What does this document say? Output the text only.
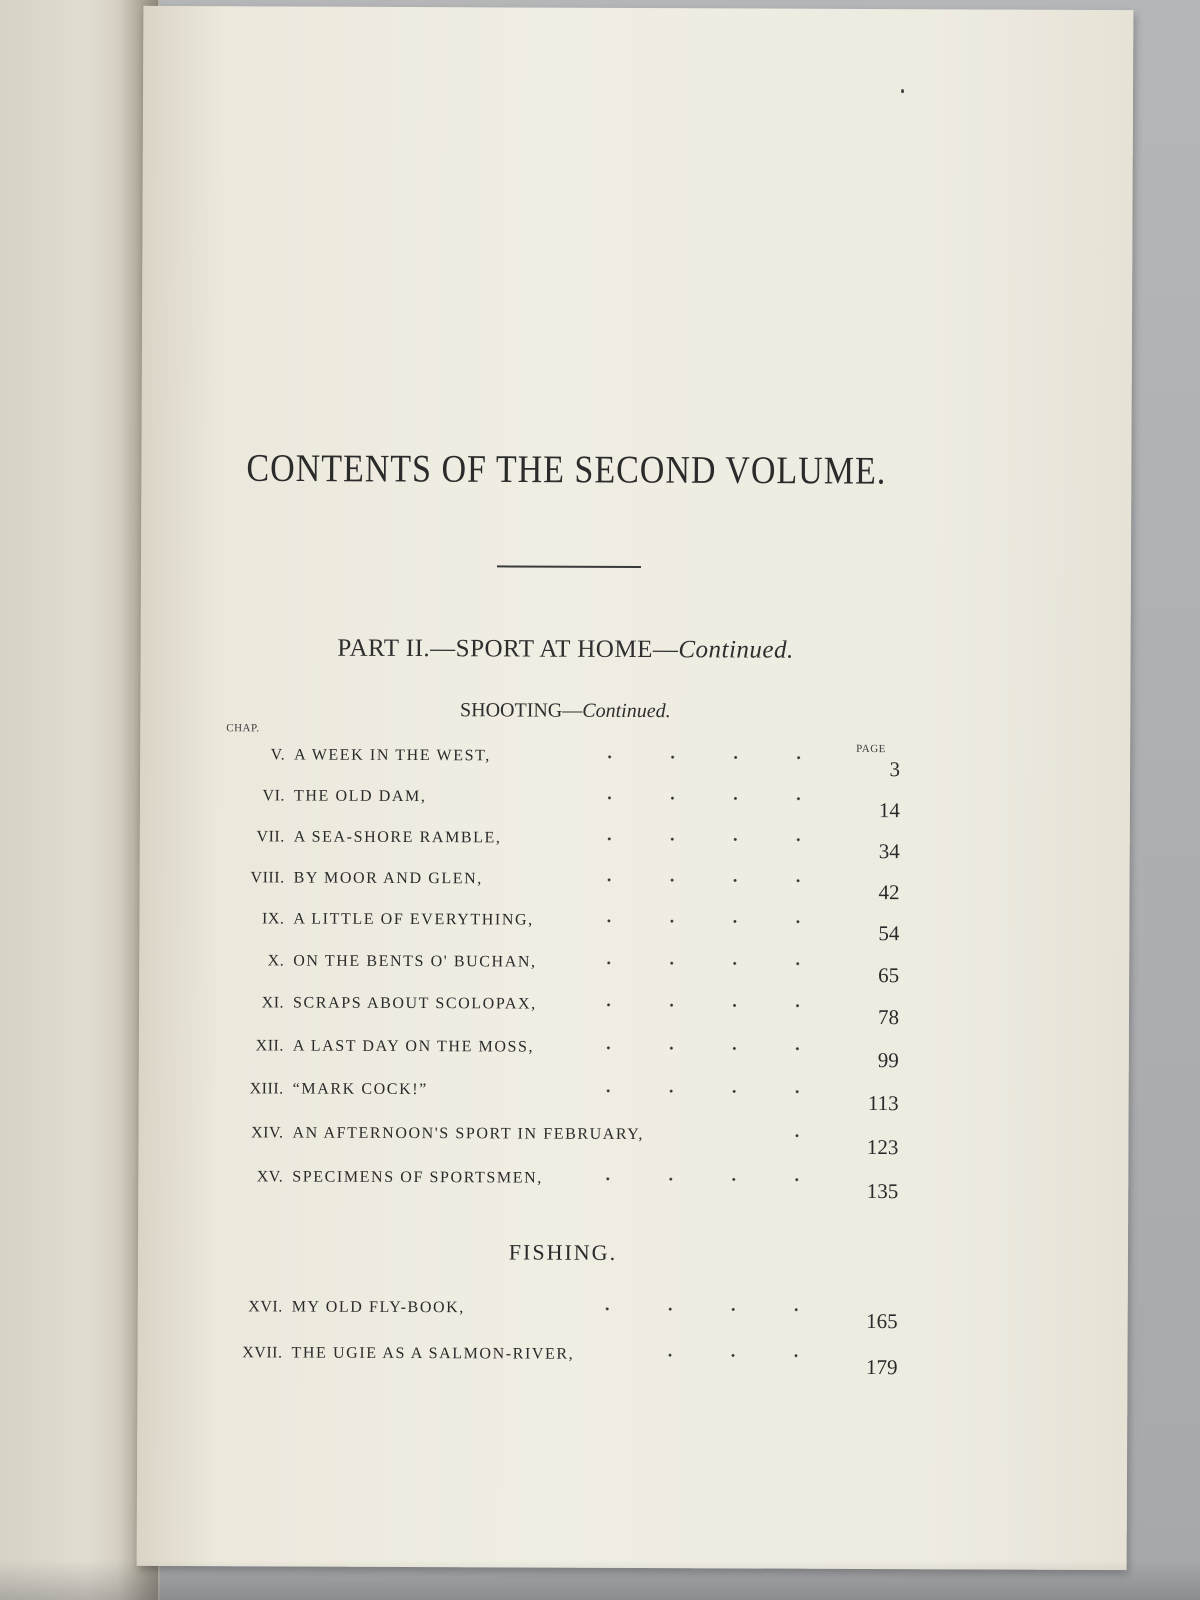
CONTENTS OF THE SECOND VOLUME.
PART II.—SPORT AT HOME—Continued.
SHOOTING—Continued.
CHAP.
PAGE
V. A WEEK IN THE WEST,
3
VI. THE OLD DAM,
14
VII. A SEA-SHORE RAMBLE,
34
VIII. BY MOOR AND GLEN,
42
IX. A LITTLE OF EVERYTHING,
54
X. ON THE BENTS O' BUCHAN,
65
XI. SCRAPS ABOUT SCOLOPAX,
78
XII. A LAST DAY ON THE MOSS,
99
XIII. “MARK COCK!”
113
XIV. AN AFTERNOON'S SPORT IN FEBRUARY,
123
XV. SPECIMENS OF SPORTSMEN,
135
FISHING.
XVI. MY OLD FLY-BOOK,
165
XVII. THE UGIE AS A SALMON-RIVER,
179
